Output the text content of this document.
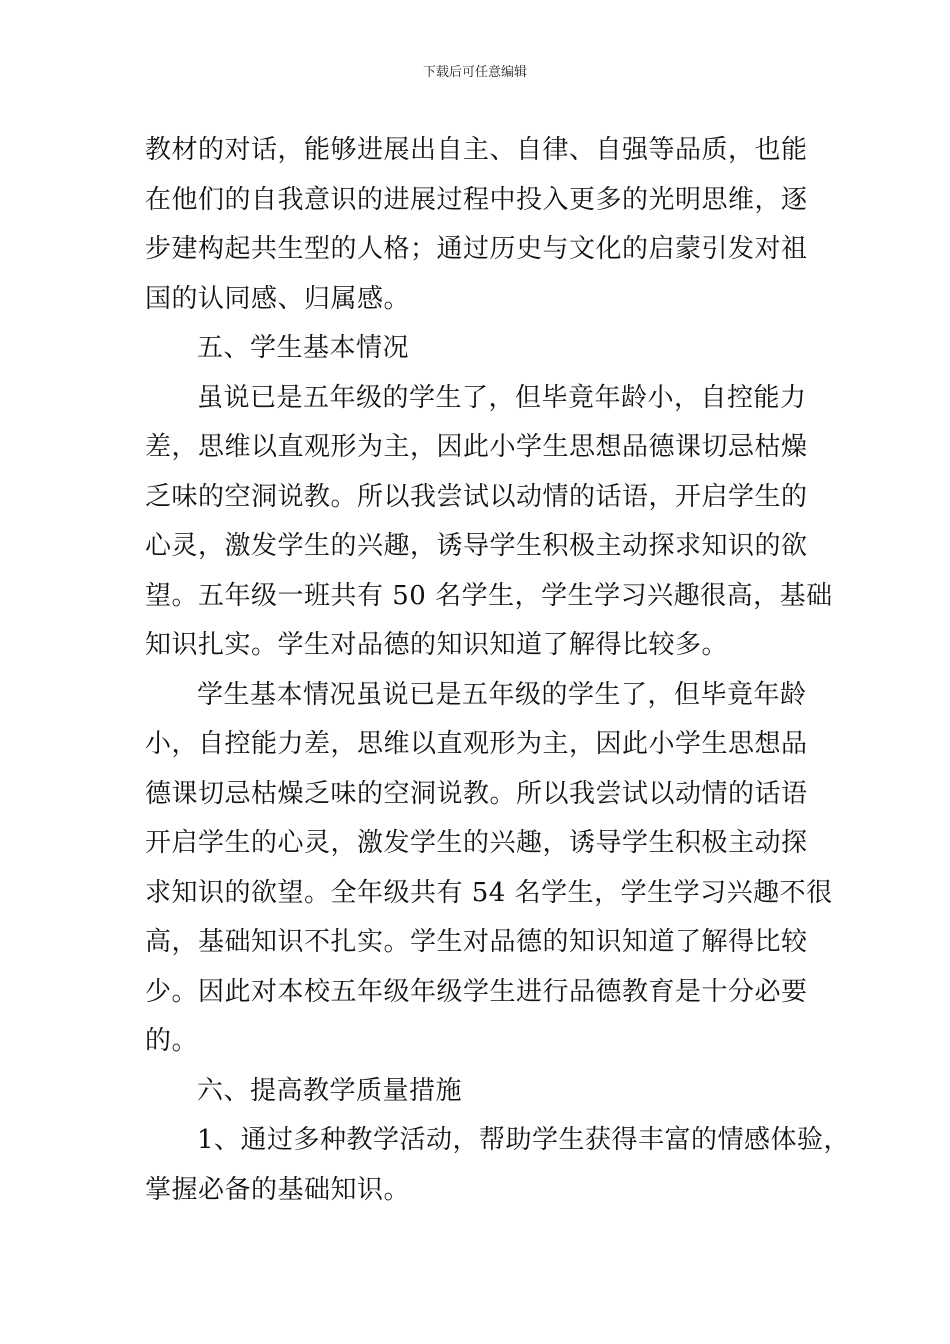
下载后可任意编辑
教材的对话，能够进展出自主、自律、自强等品质，也能
在他们的自我意识的进展过程中投入更多的光明思维，逐
步建构起共生型的人格；通过历史与文化的启蒙引发对祖
国的认同感、归属感。
五、学生基本情况
虽说已是五年级的学生了，但毕竟年龄小，自控能力
差，思维以直观形为主，因此小学生思想品德课切忌枯燥
乏味的空洞说教。所以我尝试以动情的话语，开启学生的
心灵，激发学生的兴趣，诱导学生积极主动探求知识的欲
望。五年级一班共有 50 名学生，学生学习兴趣很高，基础
知识扎实。学生对品德的知识知道了解得比较多。
学生基本情况虽说已是五年级的学生了，但毕竟年龄
小，自控能力差，思维以直观形为主，因此小学生思想品
德课切忌枯燥乏味的空洞说教。所以我尝试以动情的话语
开启学生的心灵，激发学生的兴趣，诱导学生积极主动探
求知识的欲望。全年级共有 54 名学生，学生学习兴趣不很
高，基础知识不扎实。学生对品德的知识知道了解得比较
少。因此对本校五年级年级学生进行品德教育是十分必要
的。
六、提高教学质量措施
1、通过多种教学活动，帮助学生获得丰富的情感体验，
掌握必备的基础知识。
